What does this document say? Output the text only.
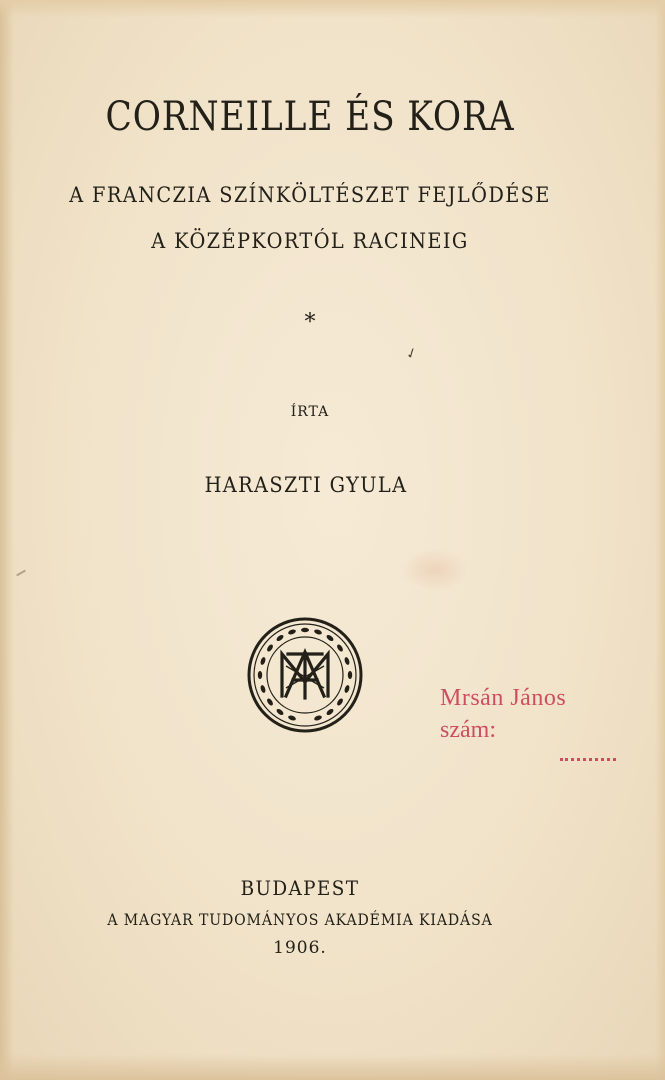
CORNEILLE ÉS KORA
A FRANCZIA SZÍNKÖLTÉSZET FEJLŐDÉSE
A KÖZÉPKORTÓL RACINEIG
*
✓
ÍRTA
HARASZTI GYULA
Mrsán János
szám:
BUDAPEST
A MAGYAR TUDOMÁNYOS AKADÉMIA KIADÁSA
1906.
